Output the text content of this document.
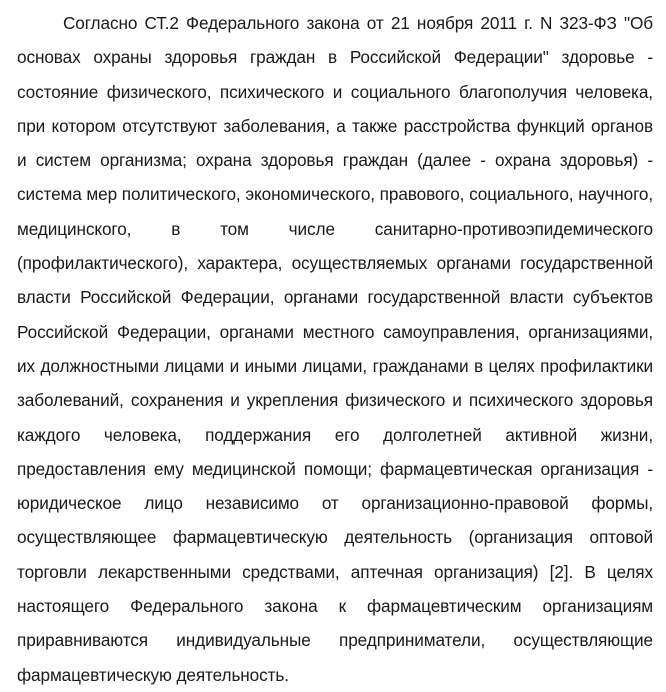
Согласно СТ.2 Федерального закона от 21 ноября 2011 г. N 323-ФЗ "Об основах охраны здоровья граждан в Российской Федерации" здоровье - состояние физического, психического и социального благополучия человека, при котором отсутствуют заболевания, а также расстройства функций органов и систем организма; охрана здоровья граждан (далее - охрана здоровья) - система мер политического, экономического, правового, социального, научного, медицинского, в том числе санитарно-противоэпидемического (профилактического), характера, осуществляемых органами государственной власти Российской Федерации, органами государственной власти субъектов Российской Федерации, органами местного самоуправления, организациями, их должностными лицами и иными лицами, гражданами в целях профилактики заболеваний, сохранения и укрепления физического и психического здоровья каждого человека, поддержания его долголетней активной жизни, предоставления ему медицинской помощи; фармацевтическая организация - юридическое лицо независимо от организационно-правовой формы, осуществляющее фармацевтическую деятельность (организация оптовой торговли лекарственными средствами, аптечная организация) [2]. В целях настоящего Федерального закона к фармацевтическим организациям приравниваются индивидуальные предприниматели, осуществляющие фармацевтическую деятельность.
